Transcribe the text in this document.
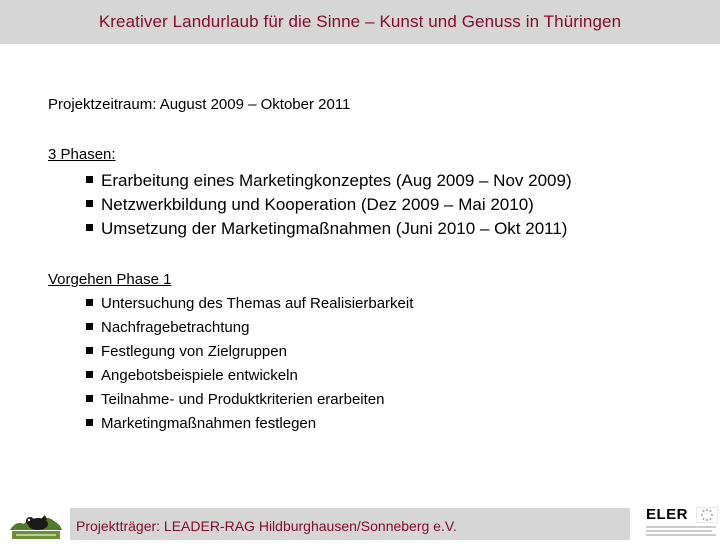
Kreativer Landurlaub für die Sinne – Kunst und Genuss in Thüringen
Projektzeitraum: August 2009 – Oktober 2011
3 Phasen:
Erarbeitung eines Marketingkonzeptes (Aug 2009 – Nov 2009)
Netzwerkbildung und Kooperation (Dez 2009 – Mai 2010)
Umsetzung der Marketingmaßnahmen (Juni 2010 – Okt 2011)
Vorgehen Phase 1
Untersuchung des Themas auf Realisierbarkeit
Nachfragebetrachtung
Festlegung von Zielgruppen
Angebotsbeispiele entwickeln
Teilnahme- und Produktkriterien erarbeiten
Marketingmaßnahmen festlegen
Projektträger: LEADER-RAG Hildburghausen/Sonneberg e.V.
ELER
